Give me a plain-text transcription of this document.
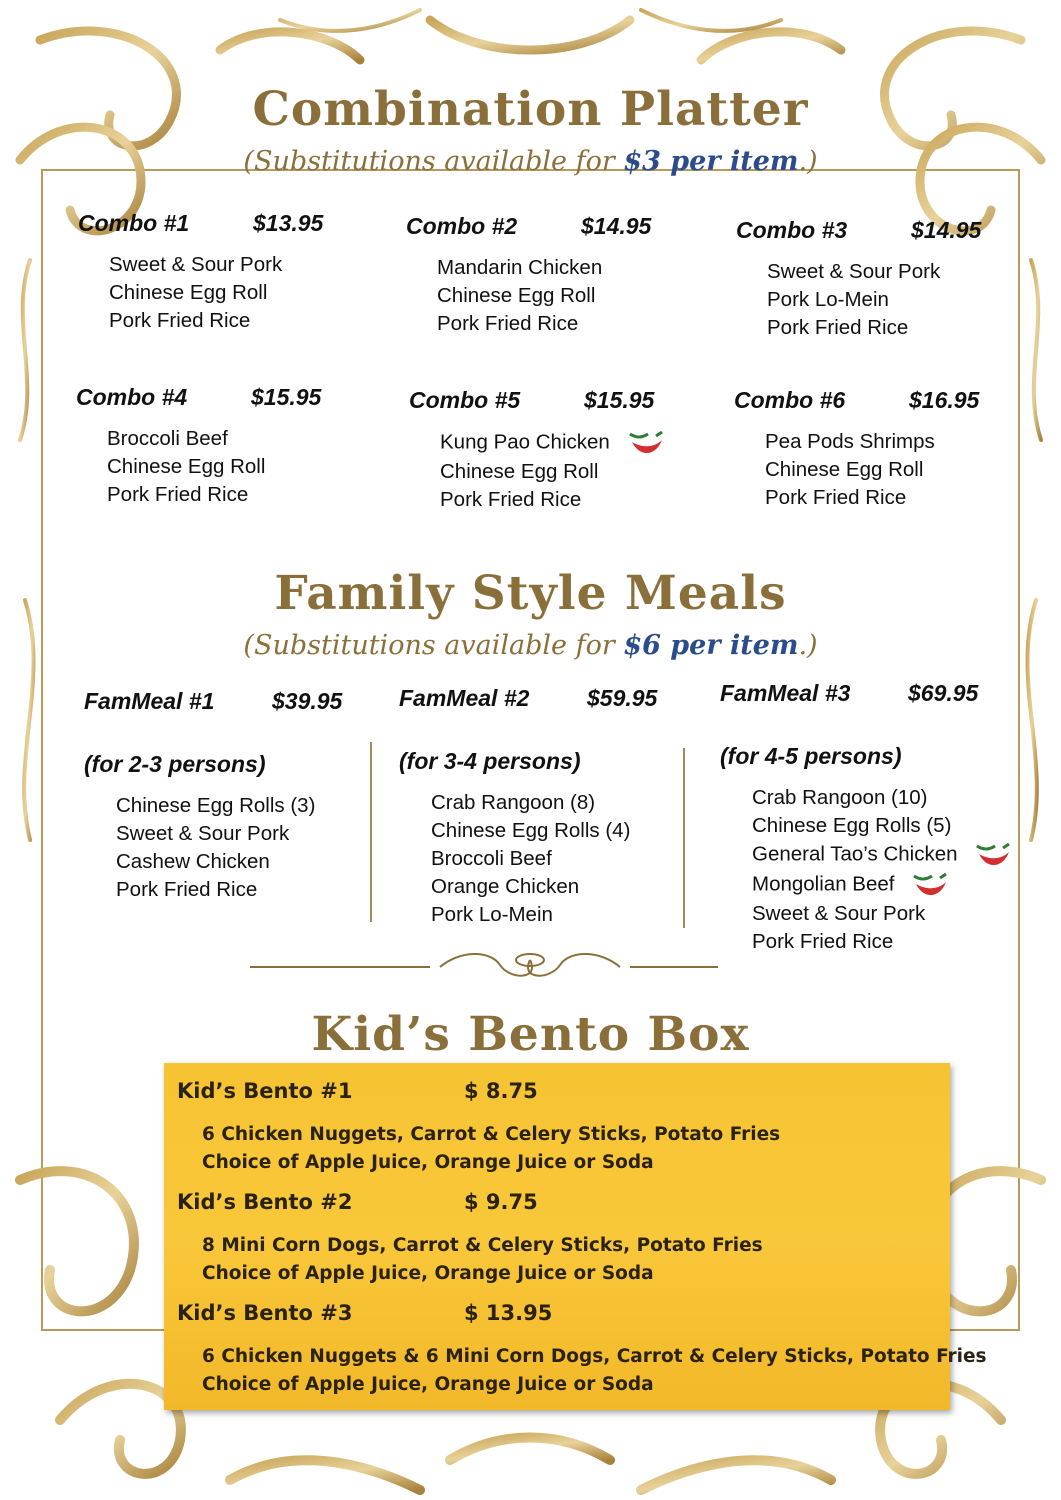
Combination Platter
(Substitutions available for $3 per item.)
Combo #1	$13.95
Sweet & Sour Pork
Chinese Egg Roll
Pork Fried Rice
Combo #2	$14.95
Mandarin Chicken
Chinese Egg Roll
Pork Fried Rice
Combo #3	$14.95
Sweet & Sour Pork
Pork Lo-Mein
Pork Fried Rice
Combo #4	$15.95
Broccoli Beef
Chinese Egg Roll
Pork Fried Rice
Combo #5	$15.95
Kung Pao Chicken
Chinese Egg Roll
Pork Fried Rice
Combo #6	$16.95
Pea Pods Shrimps
Chinese Egg Roll
Pork Fried Rice
Family Style Meals
(Substitutions available for $6 per item.)
FamMeal #1	$39.95
(for 2-3 persons)
Chinese Egg Rolls (3)
Sweet & Sour Pork
Cashew Chicken
Pork Fried Rice
FamMeal #2	$59.95
(for 3-4 persons)
Crab Rangoon (8)
Chinese Egg Rolls (4)
Broccoli Beef
Orange Chicken
Pork Lo-Mein
FamMeal #3	$69.95
(for 4-5 persons)
Crab Rangoon (10)
Chinese Egg Rolls (5)
General Tao’s Chicken
Mongolian Beef
Sweet & Sour Pork
Pork Fried Rice
Kid’s Bento Box
Kid’s Bento #1	$ 8.75
6 Chicken Nuggets, Carrot & Celery Sticks, Potato Fries
Choice of Apple Juice, Orange Juice or Soda
Kid’s Bento #2	$ 9.75
8 Mini Corn Dogs, Carrot & Celery Sticks, Potato Fries
Choice of Apple Juice, Orange Juice or Soda
Kid’s Bento #3	$ 13.95
6 Chicken Nuggets & 6 Mini Corn Dogs, Carrot & Celery Sticks, Potato Fries
Choice of Apple Juice, Orange Juice or Soda
